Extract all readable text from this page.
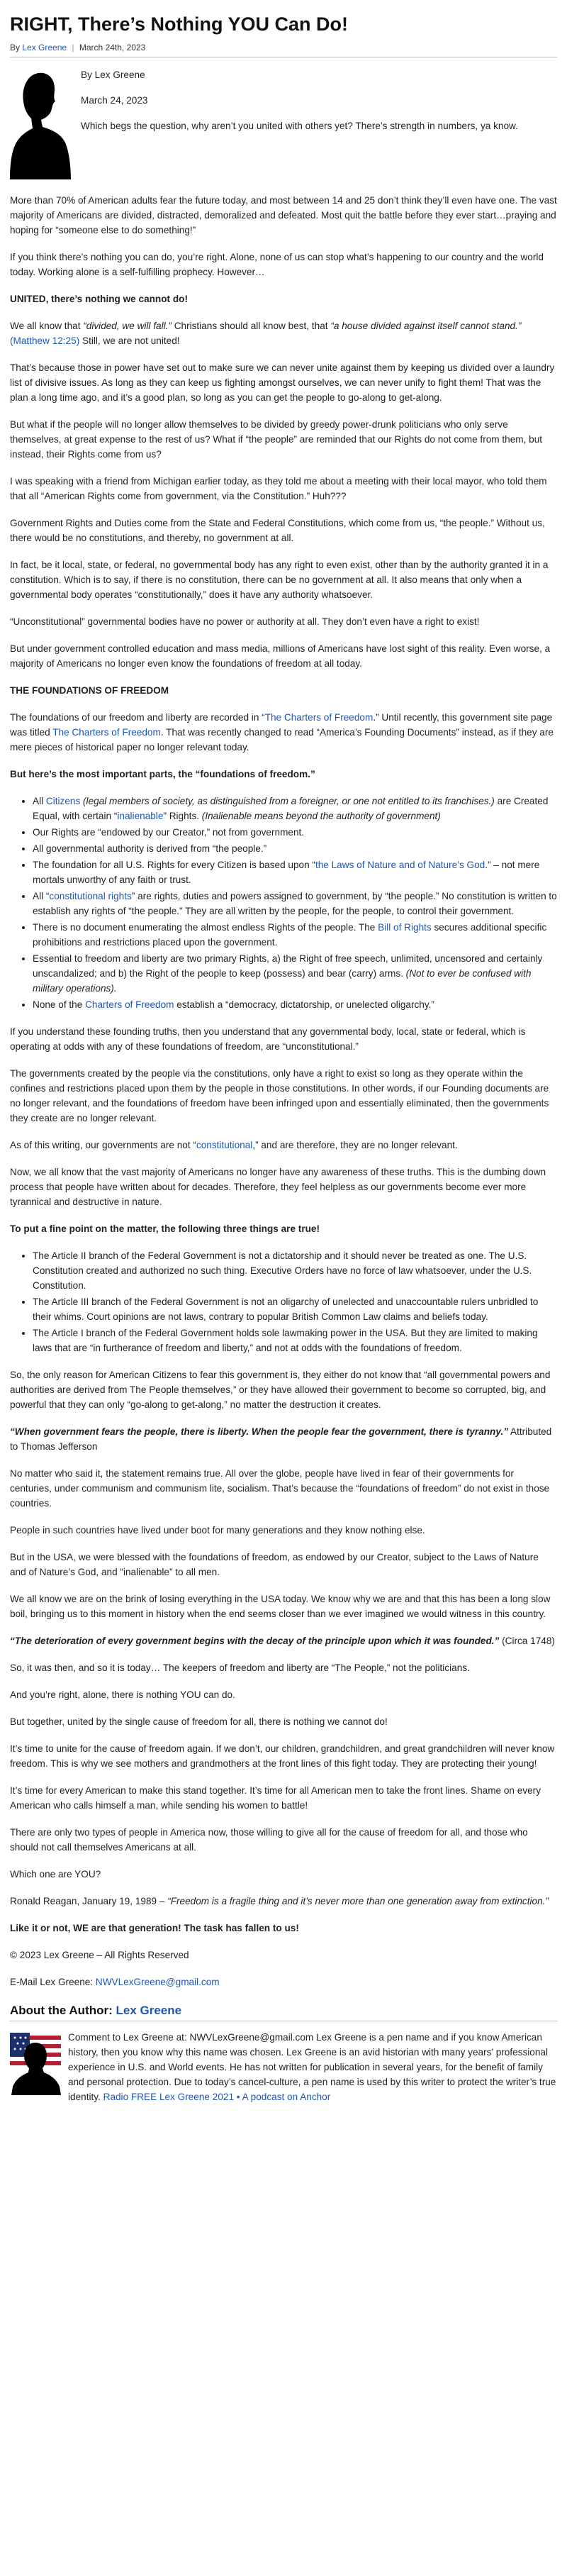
RIGHT, There’s Nothing YOU Can Do!
By Lex Greene | March 24th, 2023

By Lex Greene

March 24, 2023

Which begs the question, why aren’t you united with others yet? There’s strength in numbers, ya know.

More than 70% of American adults fear the future today, and most between 14 and 25 don’t think they’ll even have one. The vast majority of Americans are divided, distracted, demoralized and defeated. Most quit the battle before they ever start…praying and hoping for “someone else to do something!”

If you think there’s nothing you can do, you’re right. Alone, none of us can stop what’s happening to our country and the world today. Working alone is a self-fulfilling prophecy. However…

UNITED, there’s nothing we cannot do!

We all know that “divided, we will fall.” Christians should all know best, that “a house divided against itself cannot stand.” (Matthew 12:25) Still, we are not united!

That’s because those in power have set out to make sure we can never unite against them by keeping us divided over a laundry list of divisive issues. As long as they can keep us fighting amongst ourselves, we can never unify to fight them! That was the plan a long time ago, and it’s a good plan, so long as you can get the people to go-along to get-along.

But what if the people will no longer allow themselves to be divided by greedy power-drunk politicians who only serve themselves, at great expense to the rest of us? What if “the people” are reminded that our Rights do not come from them, but instead, their Rights come from us?

I was speaking with a friend from Michigan earlier today, as they told me about a meeting with their local mayor, who told them that all “American Rights come from government, via the Constitution.” Huh???

Government Rights and Duties come from the State and Federal Constitutions, which come from us, “the people.” Without us, there would be no constitutions, and thereby, no government at all.

In fact, be it local, state, or federal, no governmental body has any right to even exist, other than by the authority granted it in a constitution. Which is to say, if there is no constitution, there can be no government at all. It also means that only when a governmental body operates “constitutionally,” does it have any authority whatsoever.

“Unconstitutional” governmental bodies have no power or authority at all. They don’t even have a right to exist!

But under government controlled education and mass media, millions of Americans have lost sight of this reality. Even worse, a majority of Americans no longer even know the foundations of freedom at all today.

THE FOUNDATIONS OF FREEDOM

The foundations of our freedom and liberty are recorded in “The Charters of Freedom.” Until recently, this government site page was titled The Charters of Freedom. That was recently changed to read “America’s Founding Documents” instead, as if they are mere pieces of historical paper no longer relevant today.

But here’s the most important parts, the “foundations of freedom.”

• All Citizens (legal members of society, as distinguished from a foreigner, or one not entitled to its franchises.) are Created Equal, with certain “inalienable” Rights. (Inalienable means beyond the authority of government)
• Our Rights are “endowed by our Creator,” not from government.
• All governmental authority is derived from “the people.”
• The foundation for all U.S. Rights for every Citizen is based upon “the Laws of Nature and of Nature’s God.” – not mere mortals unworthy of any faith or trust.
• All “constitutional rights” are rights, duties and powers assigned to government, by “the people.” No constitution is written to establish any rights of “the people.” They are all written by the people, for the people, to control their government.
• There is no document enumerating the almost endless Rights of the people. The Bill of Rights secures additional specific prohibitions and restrictions placed upon the government.
• Essential to freedom and liberty are two primary Rights, a) the Right of free speech, unlimited, uncensored and certainly unscandalized; and b) the Right of the people to keep (possess) and bear (carry) arms. (Not to ever be confused with military operations).
• None of the Charters of Freedom establish a “democracy, dictatorship, or unelected oligarchy.”

If you understand these founding truths, then you understand that any governmental body, local, state or federal, which is operating at odds with any of these foundations of freedom, are “unconstitutional.”

The governments created by the people via the constitutions, only have a right to exist so long as they operate within the confines and restrictions placed upon them by the people in those constitutions. In other words, if our Founding documents are no longer relevant, and the foundations of freedom have been infringed upon and essentially eliminated, then the governments they create are no longer relevant.

As of this writing, our governments are not “constitutional,” and are therefore, they are no longer relevant.

Now, we all know that the vast majority of Americans no longer have any awareness of these truths. This is the dumbing down process that people have written about for decades. Therefore, they feel helpless as our governments become ever more tyrannical and destructive in nature.

To put a fine point on the matter, the following three things are true!

• The Article II branch of the Federal Government is not a dictatorship and it should never be treated as one. The U.S. Constitution created and authorized no such thing. Executive Orders have no force of law whatsoever, under the U.S. Constitution.
• The Article III branch of the Federal Government is not an oligarchy of unelected and unaccountable rulers unbridled to their whims. Court opinions are not laws, contrary to popular British Common Law claims and beliefs today.
• The Article I branch of the Federal Government holds sole lawmaking power in the USA. But they are limited to making laws that are “in furtherance of freedom and liberty,” and not at odds with the foundations of freedom.

So, the only reason for American Citizens to fear this government is, they either do not know that “all governmental powers and authorities are derived from The People themselves,” or they have allowed their government to become so corrupted, big, and powerful that they can only “go-along to get-along,” no matter the destruction it creates.

“When government fears the people, there is liberty. When the people fear the government, there is tyranny.” Attributed to Thomas Jefferson

No matter who said it, the statement remains true. All over the globe, people have lived in fear of their governments for centuries, under communism and communism lite, socialism. That’s because the “foundations of freedom” do not exist in those countries.

People in such countries have lived under boot for many generations and they know nothing else.

But in the USA, we were blessed with the foundations of freedom, as endowed by our Creator, subject to the Laws of Nature and of Nature’s God, and “inalienable” to all men.

We all know we are on the brink of losing everything in the USA today. We know why we are and that this has been a long slow boil, bringing us to this moment in history when the end seems closer than we ever imagined we would witness in this country.

“The deterioration of every government begins with the decay of the principle upon which it was founded.” (Circa 1748)

So, it was then, and so it is today… The keepers of freedom and liberty are “The People,” not the politicians.

And you’re right, alone, there is nothing YOU can do.

But together, united by the single cause of freedom for all, there is nothing we cannot do!

It’s time to unite for the cause of freedom again. If we don’t, our children, grandchildren, and great grandchildren will never know freedom. This is why we see mothers and grandmothers at the front lines of this fight today. They are protecting their young!

It’s time for every American to make this stand together. It’s time for all American men to take the front lines. Shame on every American who calls himself a man, while sending his women to battle!

There are only two types of people in America now, those willing to give all for the cause of freedom for all, and those who should not call themselves Americans at all.

Which one are YOU?

Ronald Reagan, January 19, 1989 – “Freedom is a fragile thing and it’s never more than one generation away from extinction.”

Like it or not, WE are that generation! The task has fallen to us!

© 2023 Lex Greene – All Rights Reserved

E-Mail Lex Greene: NWVLexGreene@gmail.com

About the Author: Lex Greene
Comment to Lex Greene at: NWVLexGreene@gmail.com Lex Greene is a pen name and if you know American history, then you know why this name was chosen. Lex Greene is an avid historian with many years’ professional experience in U.S. and World events. He has not written for publication in several years, for the benefit of family and personal protection. Due to today’s cancel-culture, a pen name is used by this writer to protect the writer’s true identity. Radio FREE Lex Greene 2021 • A podcast on Anchor
